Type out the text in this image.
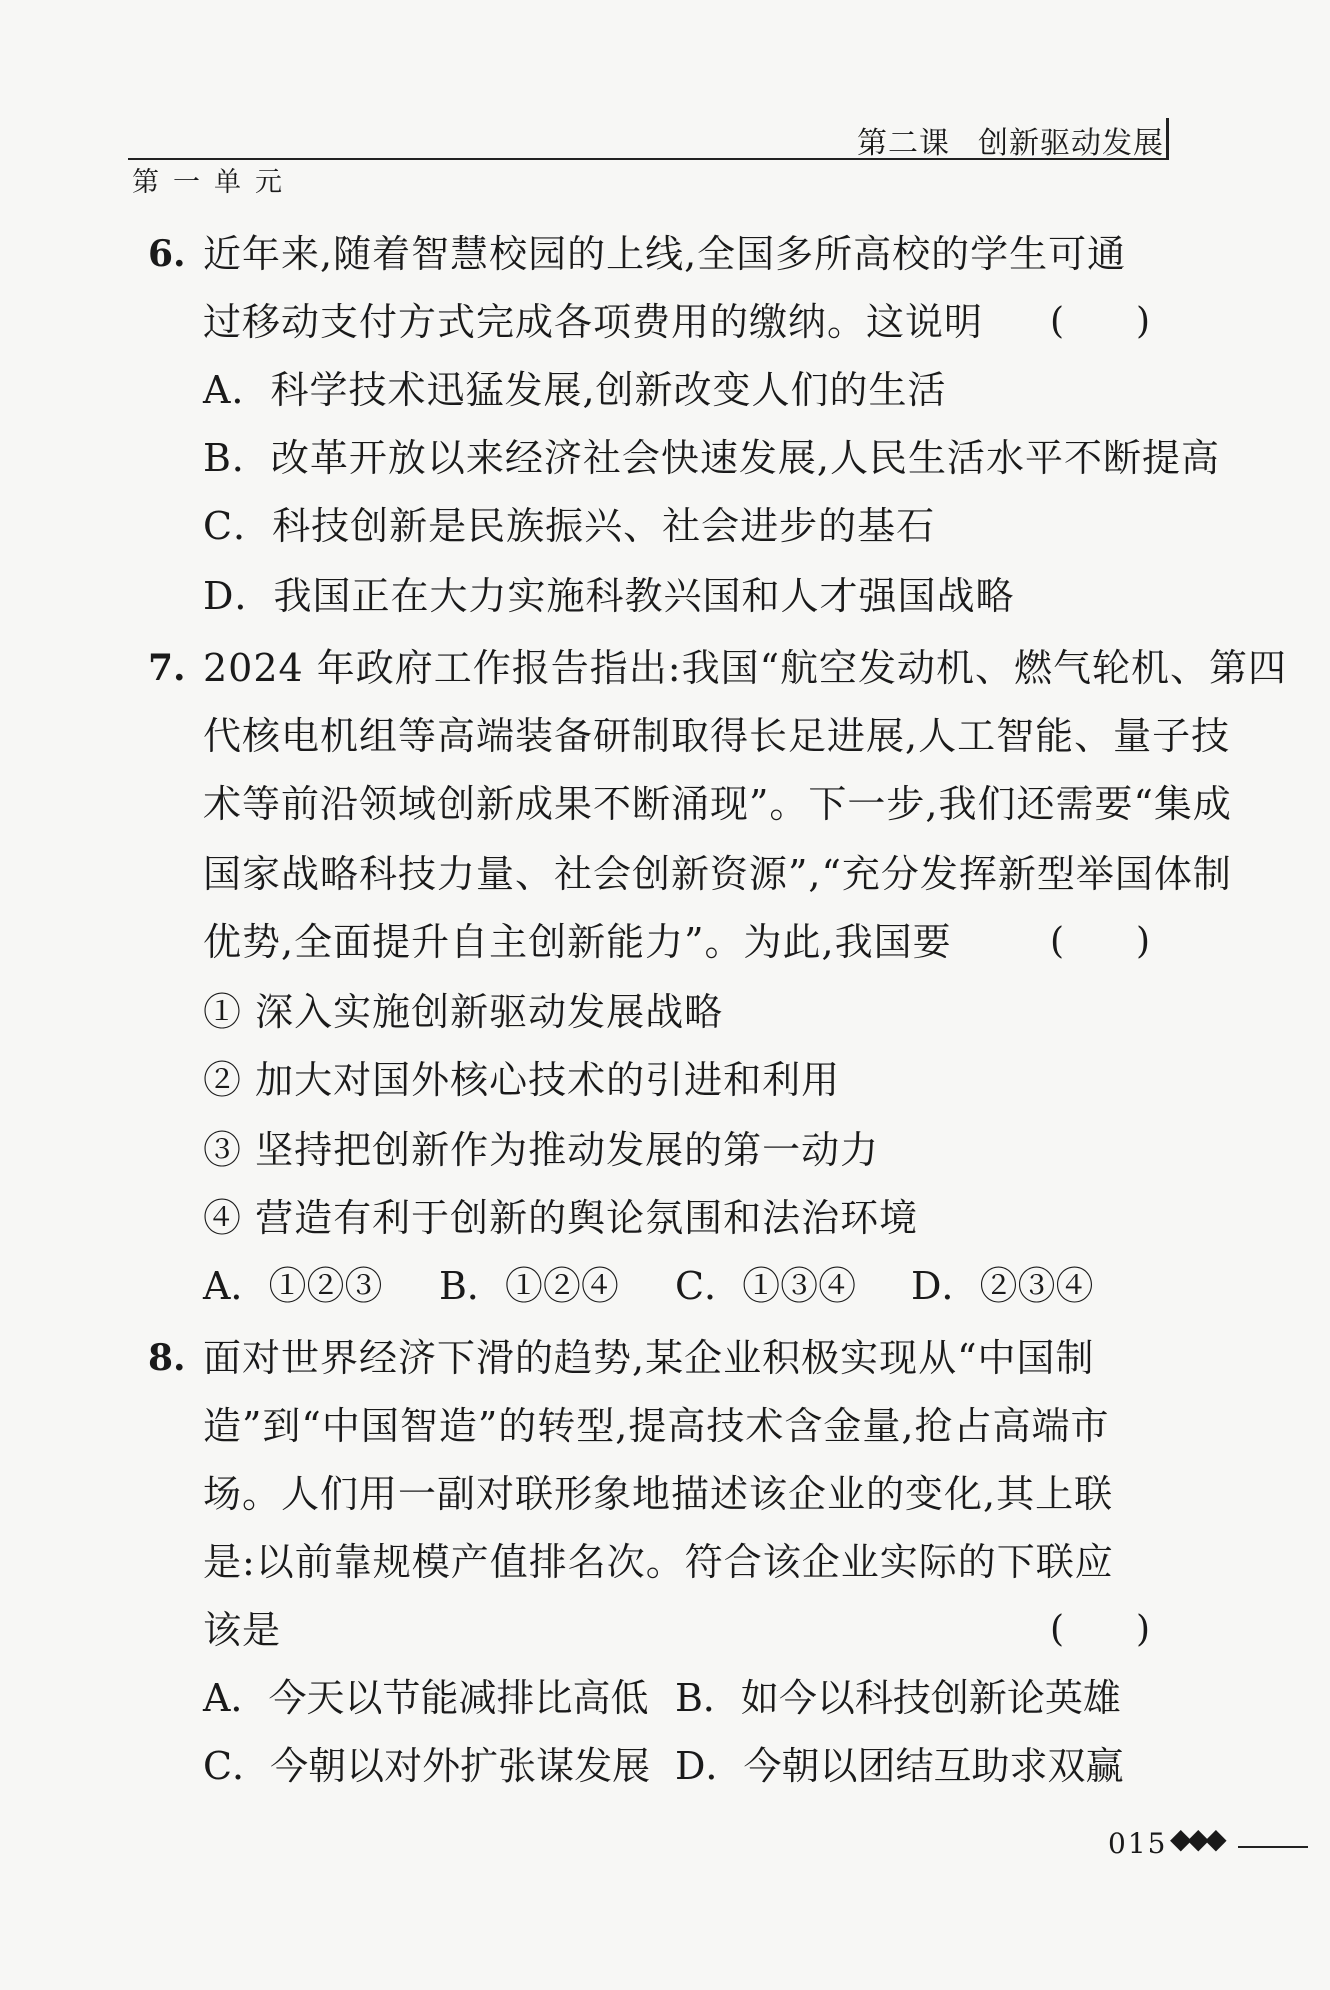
第二课 创新驱动发展
第一单元
6. 近年来,随着智慧校园的上线,全国多所高校的学生可通
过移动支付方式完成各项费用的缴纳。这说明 (　　)
A．科学技术迅猛发展,创新改变人们的生活
B．改革开放以来经济社会快速发展,人民生活水平不断提高
C．科技创新是民族振兴、社会进步的基石
D．我国正在大力实施科教兴国和人才强国战略
7. 2024 年政府工作报告指出:我国“航空发动机、燃气轮机、第四
代核电机组等高端装备研制取得长足进展,人工智能、量子技
术等前沿领域创新成果不断涌现”。下一步,我们还需要“集成
国家战略科技力量、社会创新资源”,“充分发挥新型举国体制
优势,全面提升自主创新能力”。为此,我国要	(　　)
① 深入实施创新驱动发展战略
② 加大对国外核心技术的引进和利用
③ 坚持把创新作为推动发展的第一动力
④ 营造有利于创新的舆论氛围和法治环境
A．①②③ B．①②④ C．①③④ D．②③④
8. 面对世界经济下滑的趋势,某企业积极实现从“中国制
造”到“中国智造”的转型,提高技术含金量,抢占高端市
场。人们用一副对联形象地描述该企业的变化,其上联
是:以前靠规模产值排名次。符合该企业实际的下联应
该是	(　　)
A．今天以节能减排比高低 B．如今以科技创新论英雄
C．今朝以对外扩张谋发展 D．今朝以团结互助求双赢
015 ◆◆◆
